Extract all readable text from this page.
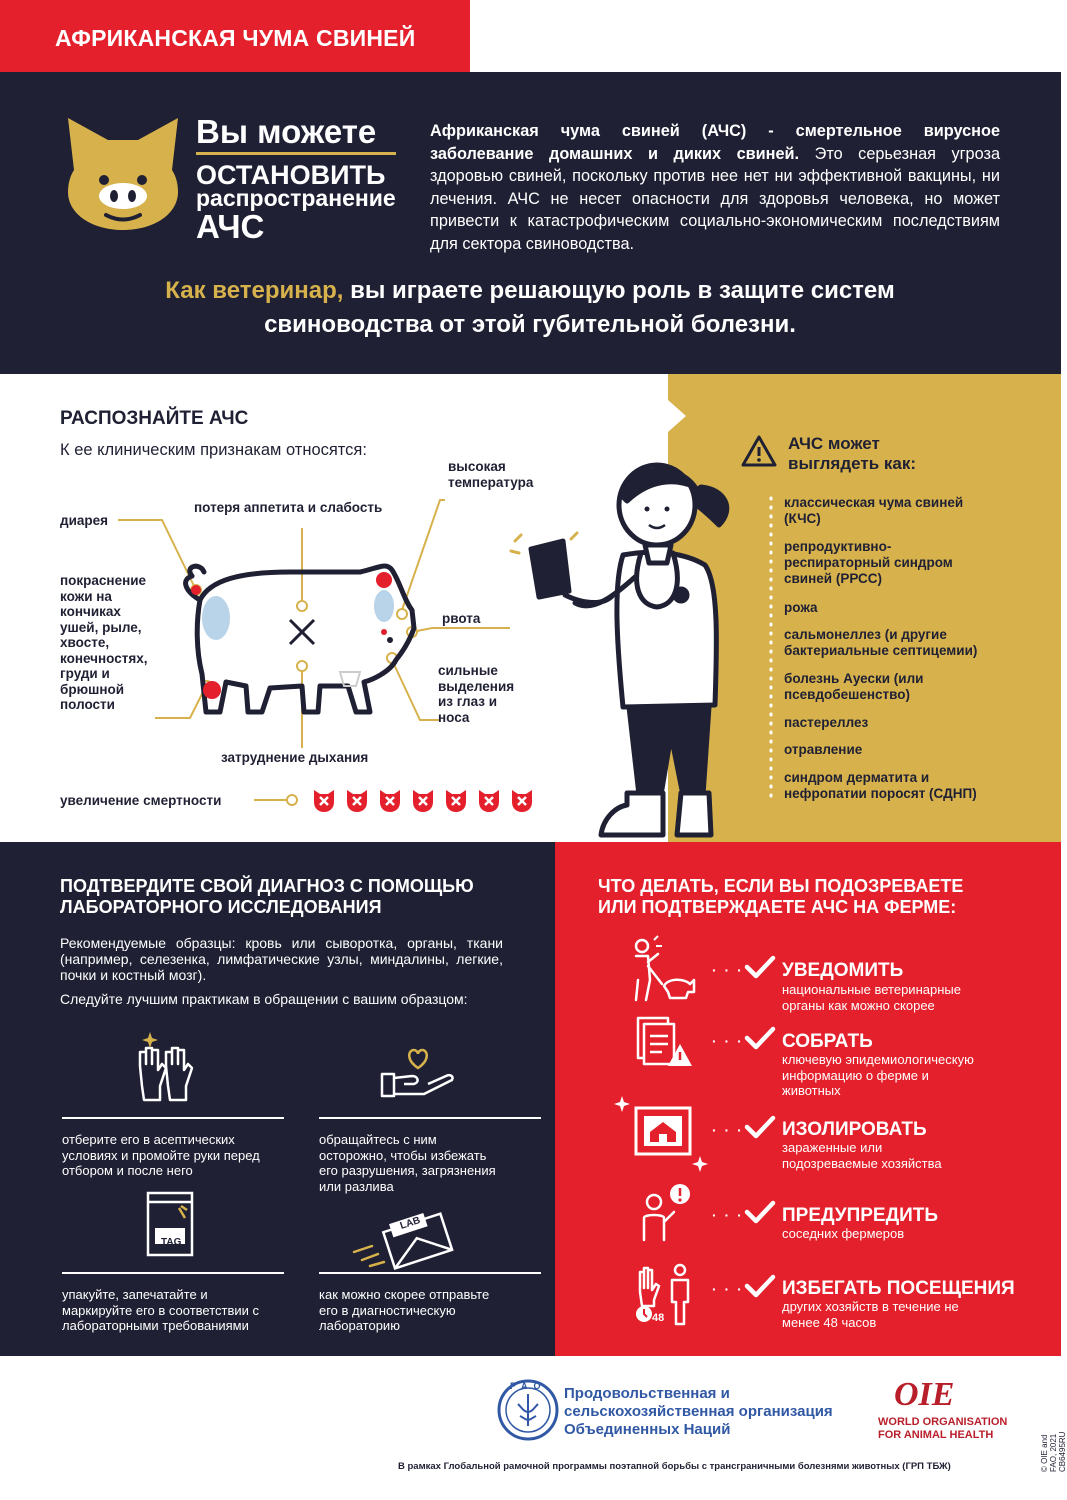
АФРИКАНСКАЯ ЧУМА СВИНЕЙ
Вы можете
ОСТАНОВИТЬ
распространение
АЧС
Африканская чума свиней (АЧС) - смертельное вирусное заболевание домашних и диких свиней. Это серьезная угроза здоровью свиней, поскольку против нее нет ни эффективной вакцины, ни лечения. АЧС не несет опасности для здоровья человека, но может привести к катастрофическим социально-экономическим последствиям для сектора свиноводства.
Как ветеринар, вы играете решающую роль в защите систем
свиноводства от этой губительной болезни.
РАСПОЗНАЙТЕ АЧС
К ее клиническим признакам относятся:
высокая
температура
потеря аппетита и слабость
диарея
покраснение
кожи на
кончиках
ушей, рыле,
хвосте,
конечностях,
груди и
брюшной
полости
рвота
сильные
выделения
из глаз и
носа
затруднение дыхания
увеличение смертности
АЧС может
выглядеть как:
классическая чума свиней
(КЧС)
репродуктивно-
респираторный синдром
свиней (РРСС)
рожа
сальмонеллез (и другие
бактериальные септицемии)
болезнь Ауески (или
псевдобешенство)
пастереллез
отравление
синдром дерматита и
нефропатии поросят (СДНП)
ПОДТВЕРДИТЕ СВОЙ ДИАГНОЗ С ПОМОЩЬЮ
ЛАБОРАТОРНОГО ИССЛЕДОВАНИЯ
Рекомендуемые образцы: кровь или сыворотка, органы, ткани (например, селезенка, лимфатические узлы, миндалины, легкие, почки и костный мозг).
Следуйте лучшим практикам в обращении с вашим образцом:
отберите его в асептических
условиях и промойте руки перед
отбором и после него
обращайтесь с ним
осторожно, чтобы избежать
его разрушения, загрязнения
или разлива
TAG
упакуйте, запечатайте и
маркируйте его в соответствии с
лабораторными требованиями
LAB
как можно скорее отправьте
его в диагностическую
лабораторию
ЧТО ДЕЛАТЬ, ЕСЛИ ВЫ ПОДОЗРЕВАЕТЕ
ИЛИ ПОДТВЕРЖДАЕТЕ АЧС НА ФЕРМЕ:
· · · · УВЕДОМИТЬ
национальные ветеринарные
органы как можно скорее
· · · · СОБРАТЬ
ключевую эпидемиологическую
информацию о ферме и
животных
· · · · ИЗОЛИРОВАТЬ
зараженные или
подозреваемые хозяйства
· · · · ПРЕДУПРЕДИТЬ
соседних фермеров
48
· · · · ИЗБЕГАТЬ ПОСЕЩЕНИЯ
других хозяйств в течение не
менее 48 часов
FAO Продовольственная и
сельскохозяйственная организация
Объединенных Наций
OIE
WORLD ORGANISATION
FOR ANIMAL HEALTH
В рамках Глобальной рамочной программы поэтапной борьбы с трансграничными болезнями животных (ГРП ТБЖ)	© OIE and FAO, 2021
CB6495RU
